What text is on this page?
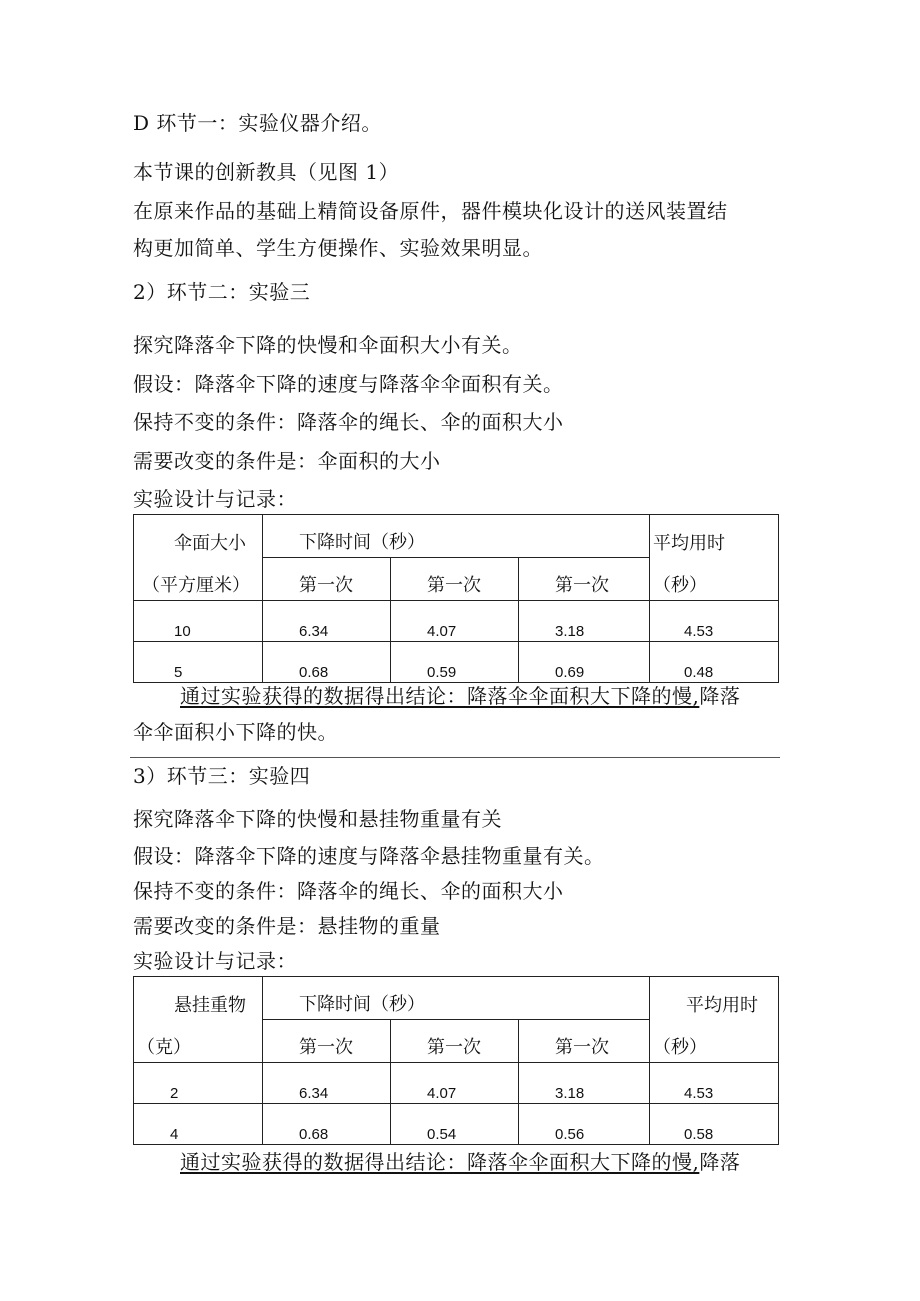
D 环节一：实验仪器介绍。
本节课的创新教具（见图 1）
在原来作品的基础上精简设备原件，器件模块化设计的送风装置结
构更加简单、学生方便操作、实验效果明显。
2）环节二：实验三
探究降落伞下降的快慢和伞面积大小有关。
假设：降落伞下降的速度与降落伞伞面积有关。
保持不变的条件：降落伞的绳长、伞的面积大小
需要改变的条件是：伞面积的大小
实验设计与记录：
伞面大小	下降时间（秒）			平均用时
（平方厘米）	第一次	第一次	第一次	（秒）
10	6.34	4.07	3.18	4.53
5	0.68	0.59	0.69	0.48
通过实验获得的数据得出结论：降落伞伞面积大下降的慢,降落
伞伞面积小下降的快。
3）环节三：实验四
探究降落伞下降的快慢和悬挂物重量有关
假设：降落伞下降的速度与降落伞悬挂物重量有关。
保持不变的条件：降落伞的绳长、伞的面积大小
需要改变的条件是：悬挂物的重量
实验设计与记录：
悬挂重物	下降时间（秒）			平均用时
（克）	第一次	第一次	第一次	（秒）
2	6.34	4.07	3.18	4.53
4	0.68	0.54	0.56	0.58
通过实验获得的数据得出结论：降落伞伞面积大下降的慢,降落
